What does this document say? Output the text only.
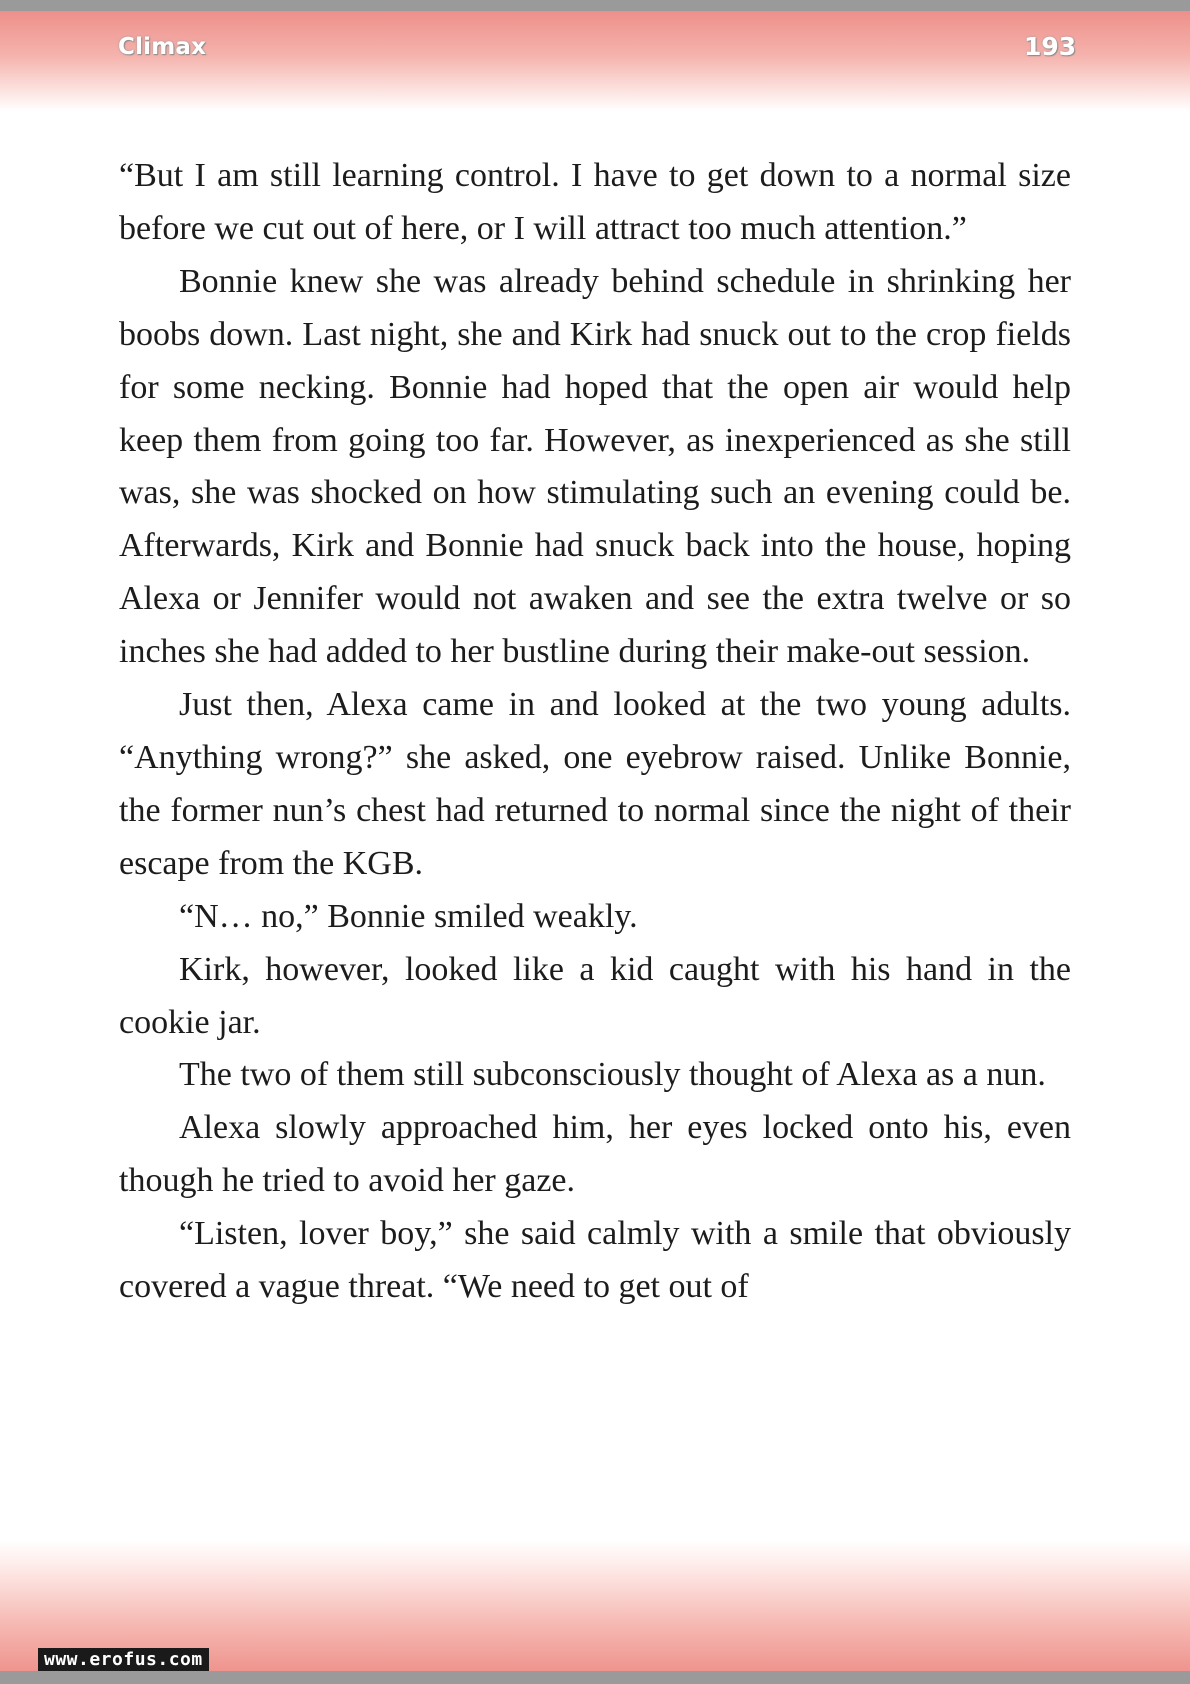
Climax	193

“But I am still learning control. I have to get down to a normal size before we cut out of here, or I will attract too much attention.”

Bonnie knew she was already behind schedule in shrinking her boobs down. Last night, she and Kirk had snuck out to the crop fields for some necking. Bonnie had hoped that the open air would help keep them from going too far. However, as inexperienced as she still was, she was shocked on how stimulating such an evening could be. Afterwards, Kirk and Bonnie had snuck back into the house, hoping Alexa or Jennifer would not awaken and see the extra twelve or so inches she had added to her bustline during their make-out session.

Just then, Alexa came in and looked at the two young adults. “Anything wrong?” she asked, one eyebrow raised. Unlike Bonnie, the former nun’s chest had returned to normal since the night of their escape from the KGB.

“N… no,” Bonnie smiled weakly.

Kirk, however, looked like a kid caught with his hand in the cookie jar.

The two of them still subconsciously thought of Alexa as a nun.

Alexa slowly approached him, her eyes locked onto his, even though he tried to avoid her gaze.

“Listen, lover boy,” she said calmly with a smile that obviously covered a vague threat. “We need to get out of

www.erofus.com
